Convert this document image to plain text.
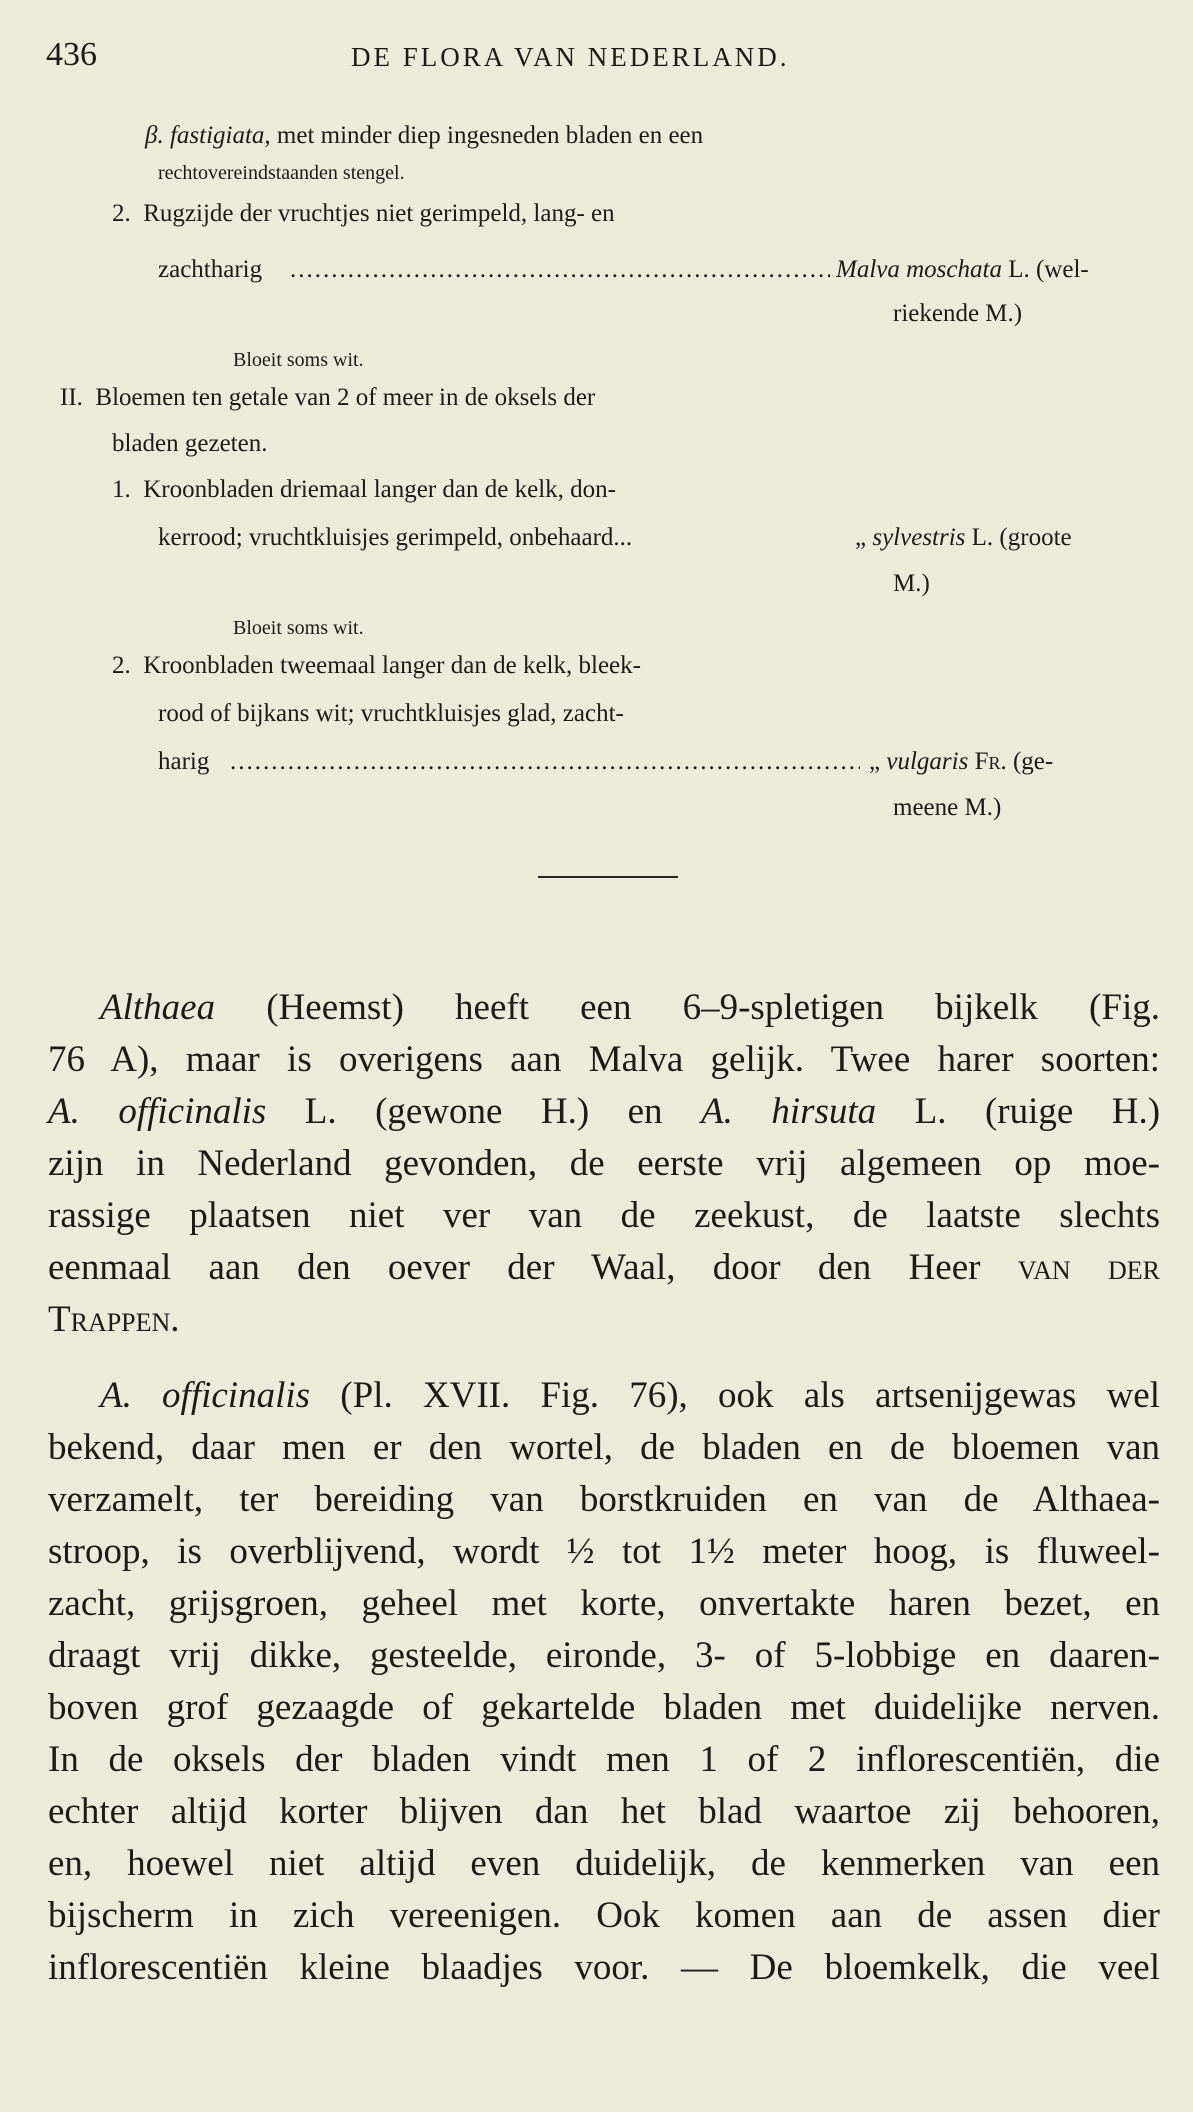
436	DE FLORA VAN NEDERLAND.
β. fastigiata, met minder diep ingesneden bladen en een
rechtovereindstaanden stengel.
2. Rugzijde der vruchtjes niet gerimpeld, lang- en
zachtharig .....	Malva moschata L. (wel-
riekende M.)
Bloeit soms wit.
II. Bloemen ten getale van 2 of meer in de oksels der
bladen gezeten.
1. Kroonbladen driemaal langer dan de kelk, don-
kerrood; vruchtkluisjes gerimpeld, onbehaard...	„ sylvestris L. (groote
M.)
Bloeit soms wit.
2. Kroonbladen tweemaal langer dan de kelk, bleek-
rood of bijkans wit; vruchtkluisjes glad, zacht-
harig .....	„ vulgaris Fr. (ge-
meene M.)
Althaea (Heemst) heeft een 6–9-spletigen bijkelk (Fig.
76 A), maar is overigens aan Malva gelijk. Twee harer soorten:
A. officinalis L. (gewone H.) en A. hirsuta L. (ruige H.)
zijn in Nederland gevonden, de eerste vrij algemeen op moe-
rassige plaatsen niet ver van de zeekust, de laatste slechts
eenmaal aan den oever der Waal, door den Heer van der
Trappen.
A. officinalis (Pl. XVII. Fig. 76), ook als artsenijgewas wel
bekend, daar men er den wortel, de bladen en de bloemen van
verzamelt, ter bereiding van borstkruiden en van de Althaea-
stroop, is overblijvend, wordt ½ tot 1½ meter hoog, is fluweel-
zacht, grijsgroen, geheel met korte, onvertakte haren bezet, en
draagt vrij dikke, gesteelde, eironde, 3- of 5-lobbige en daaren-
boven grof gezaagde of gekartelde bladen met duidelijke nerven.
In de oksels der bladen vindt men 1 of 2 inflorescentiën, die
echter altijd korter blijven dan het blad waartoe zij behooren,
en, hoewel niet altijd even duidelijk, de kenmerken van een
bijscherm in zich vereenigen. Ook komen aan de assen dier
inflorescentiën kleine blaadjes voor. — De bloemkelk, die veel
